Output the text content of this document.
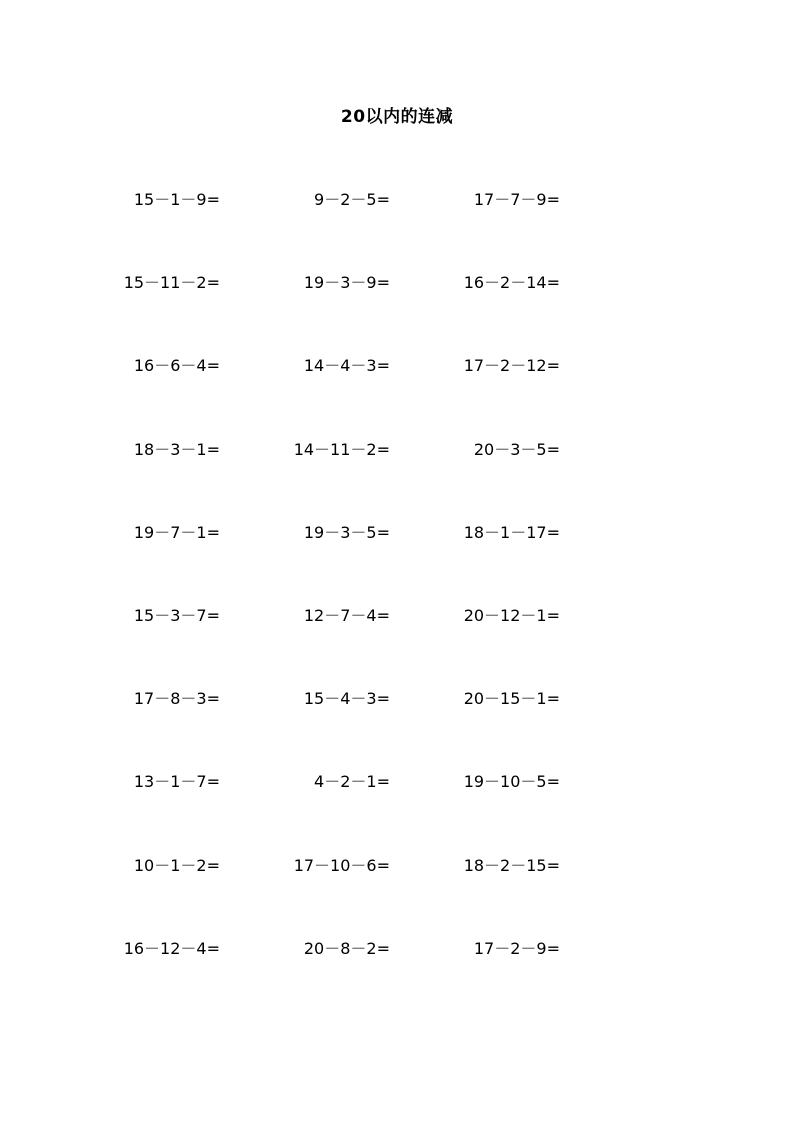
20以内的连减
15－1－9=	9－2－5=	17－7－9=
15－11－2=	19－3－9=	16－2－14=
16－6－4=	14－4－3=	17－2－12=
18－3－1=	14－11－2=	20－3－5=
19－7－1=	19－3－5=	18－1－17=
15－3－7=	12－7－4=	20－12－1=
17－8－3=	15－4－3=	20－15－1=
13－1－7=	4－2－1=	19－10－5=
10－1－2=	17－10－6=	18－2－15=
16－12－4=	20－8－2=	17－2－9=
